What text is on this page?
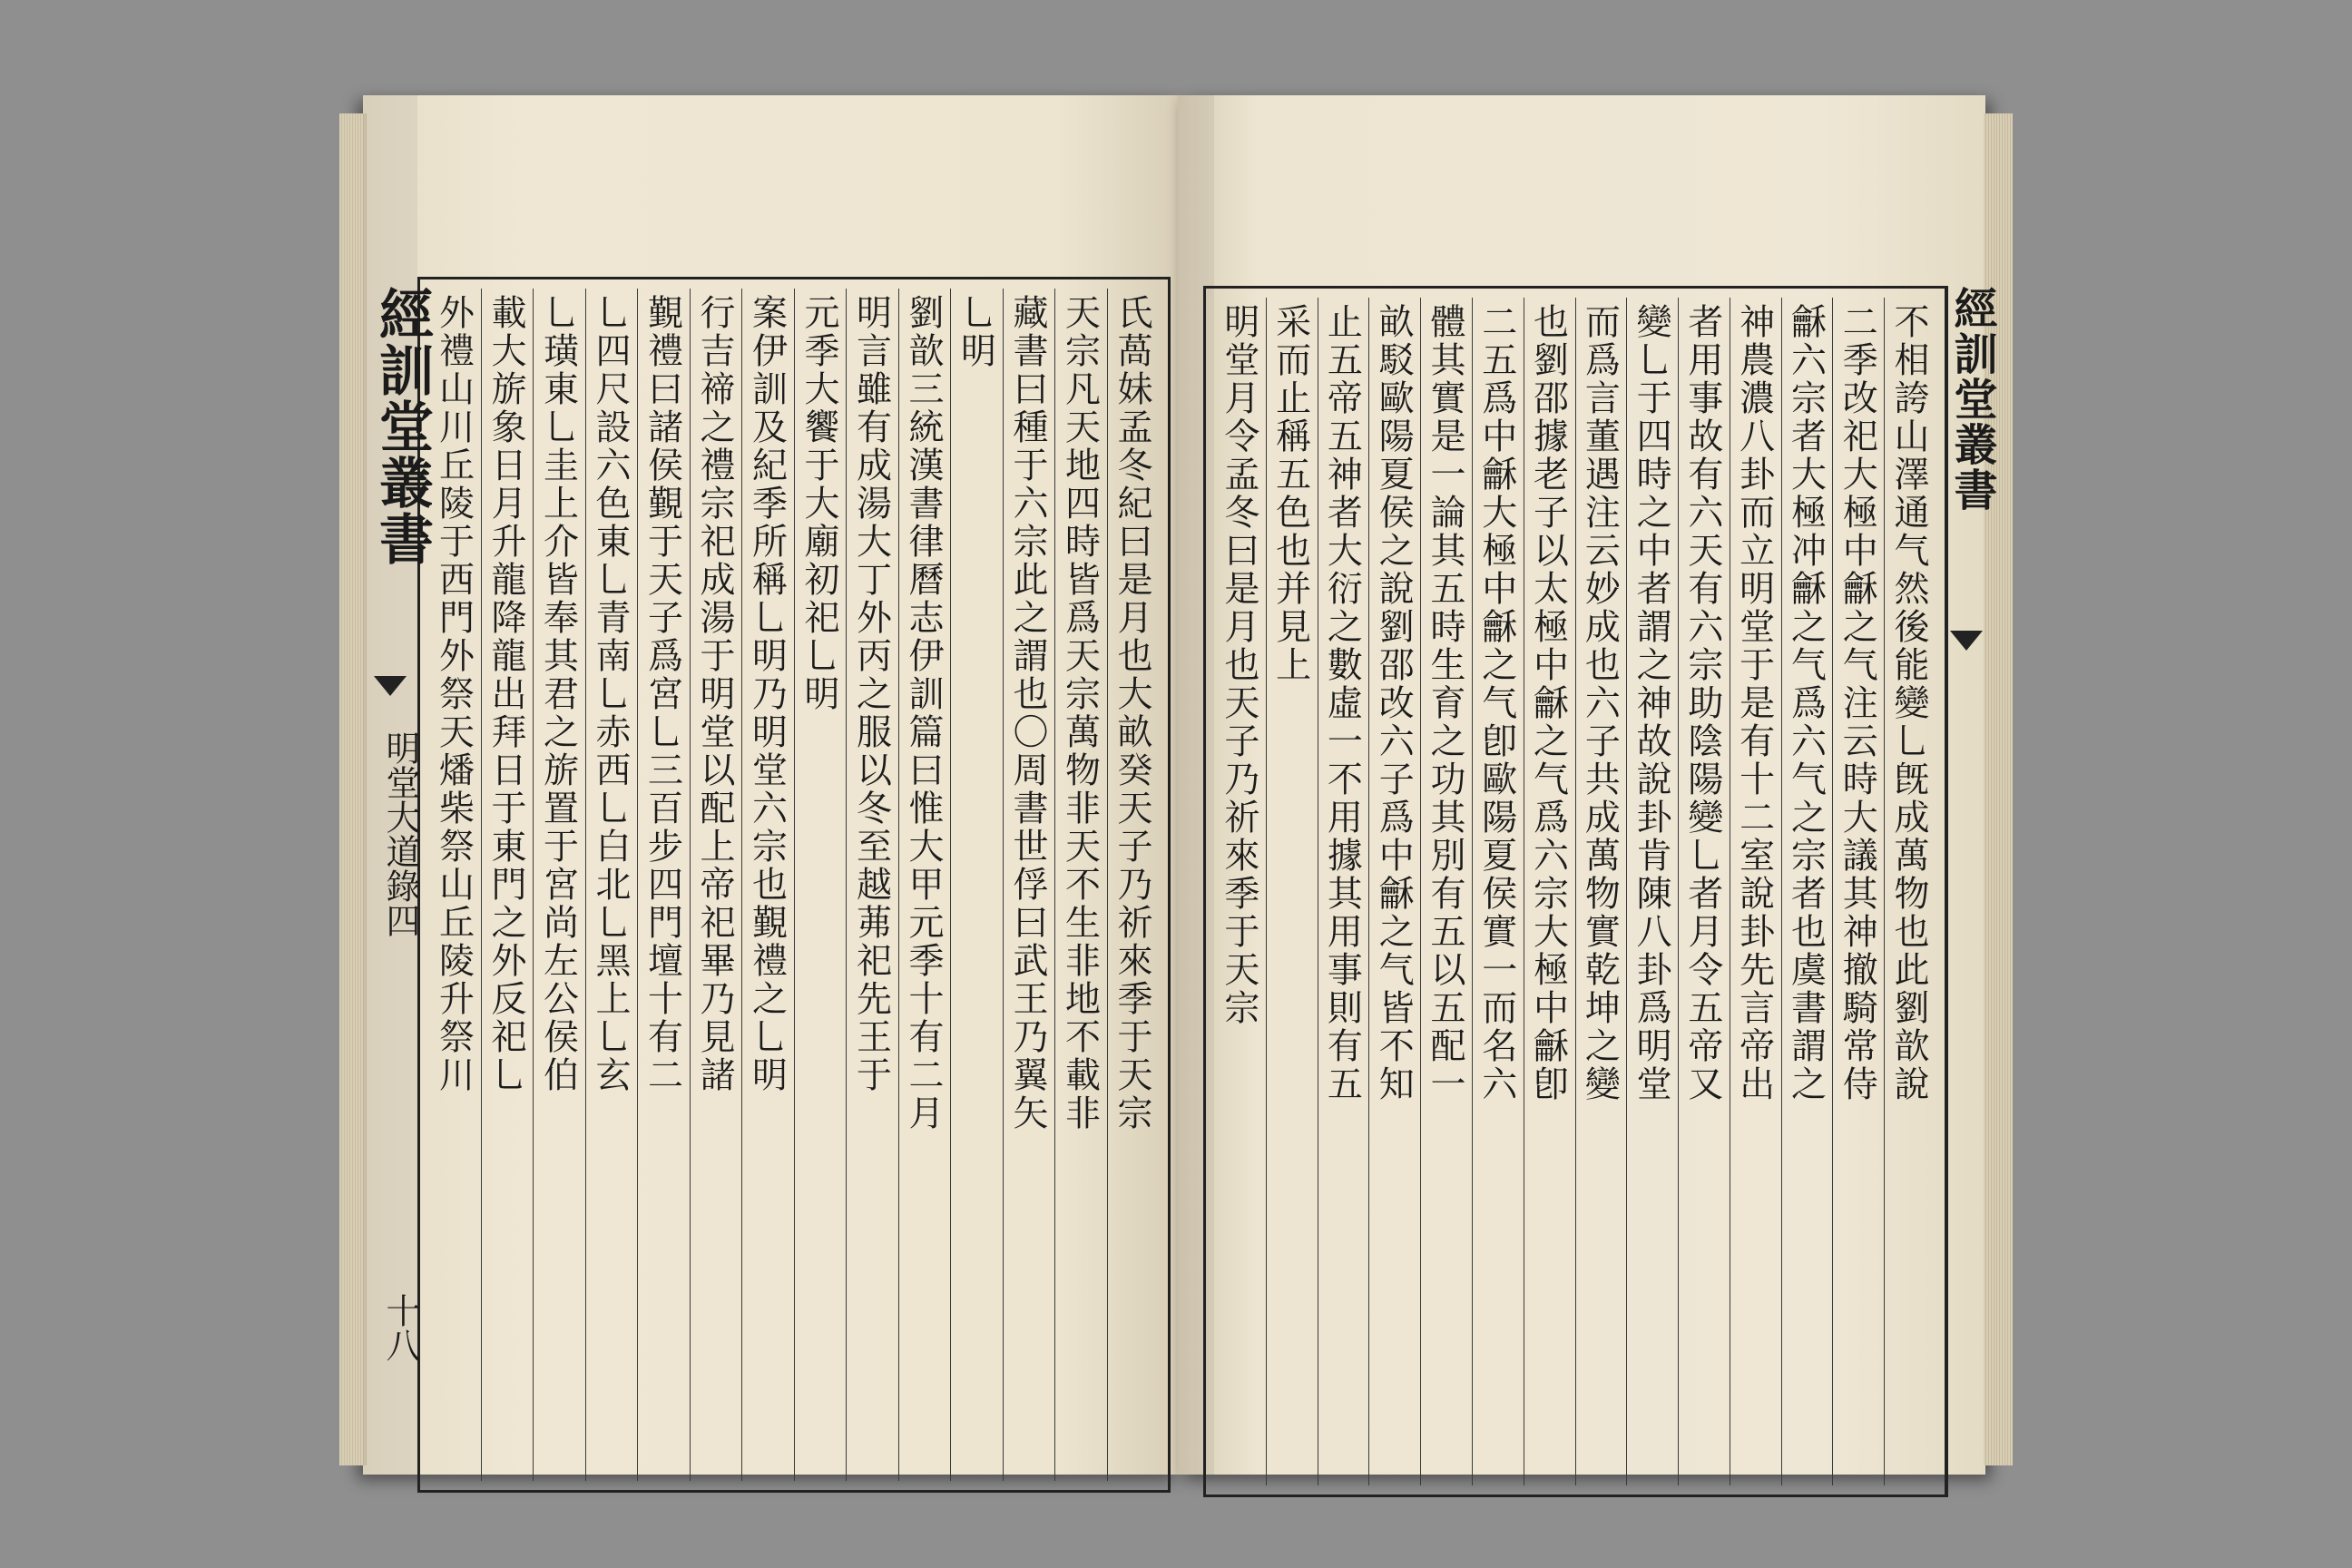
氏萵妹孟冬紀曰是月也大畝癸天子乃祈來季于天宗
天宗凡天地四時皆爲天宗萬物非天不生非地不載非
藏書曰種于六宗此之謂也〇周書世俘曰武王乃翼矢
乚明
劉歆三統漢書律曆志伊訓篇曰惟大甲元季十有二月
明言雖有成湯大丁外丙之服以冬至越茀祀先王于
元季大饗于大廟初祀乚明
案伊訓及紀季所稱乚明乃明堂六宗也覲禮之乚明
行吉禘之禮宗祀成湯于明堂以配上帝祀畢乃見諸
覲禮曰諸侯覲于天子爲宮乚三百步四門壇十有二
乚四尺設六色東乚青南乚赤西乚白北乚黑上乚玄
乚璜東乚圭上介皆奉其君之旂置于宮尚左公侯伯
載大旂象日月升龍降龍出拜日于東門之外反祀乚
外禮山川丘陵于西門外祭天燔柴祭山丘陵升祭川
經訓堂叢書
明堂大道錄四
十八
不相誇山澤通气然後能變乚旣成萬物也此劉歆說
二季改祀大極中龢之气注云時大議其神撤騎常侍
龢六宗者大極冲龢之气爲六气之宗者也虞書謂之
神農濃八卦而立明堂于是有十二室說卦先言帝出
者用事故有六天有六宗助陰陽變乚者月令五帝又
變乚于四時之中者謂之神故說卦肯陳八卦爲明堂
而爲言董遇注云妙成也六子共成萬物實乾坤之變
也劉邵據老子以太極中龢之气爲六宗大極中龢卽
二五爲中龢大極中龢之气卽歐陽夏侯實一而名六
體其實是一論其五時生育之功其別有五以五配一
畝駁歐陽夏侯之說劉邵改六子爲中龢之气皆不知
止五帝五神者大衍之數虛一不用據其用事則有五
采而止稱五色也并見上
明堂月令孟冬曰是月也天子乃祈來季于天宗	經訓堂叢書
